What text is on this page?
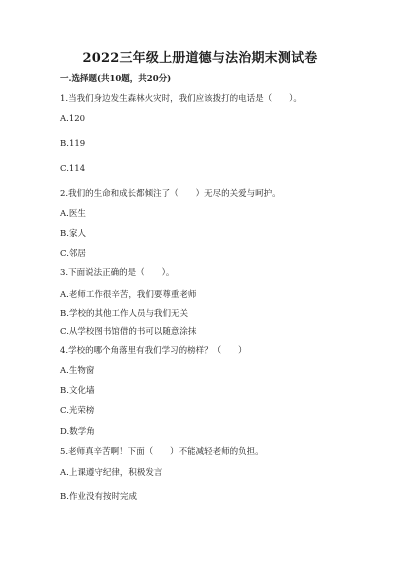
2022三年级上册道德与法治期末测试卷
一.选择题(共10题，共20分)
1.当我们身边发生森林火灾时，我们应该拨打的电话是（　　）。
A.120
B.119
C.114
2.我们的生命和成长都倾注了（　　）无尽的关爱与呵护。
A.医生
B.家人
C.邻居
3.下面说法正确的是（　　）。
A.老师工作很辛苦，我们要尊重老师
B.学校的其他工作人员与我们无关
C.从学校图书馆借的书可以随意涂抹
4.学校的哪个角落里有我们学习的榜样？（　　）
A.生物窗
B.文化墙
C.光荣榜
D.数学角
5.老师真辛苦啊！下面（　　）不能减轻老师的负担。
A.上课遵守纪律，积极发言
B.作业没有按时完成
